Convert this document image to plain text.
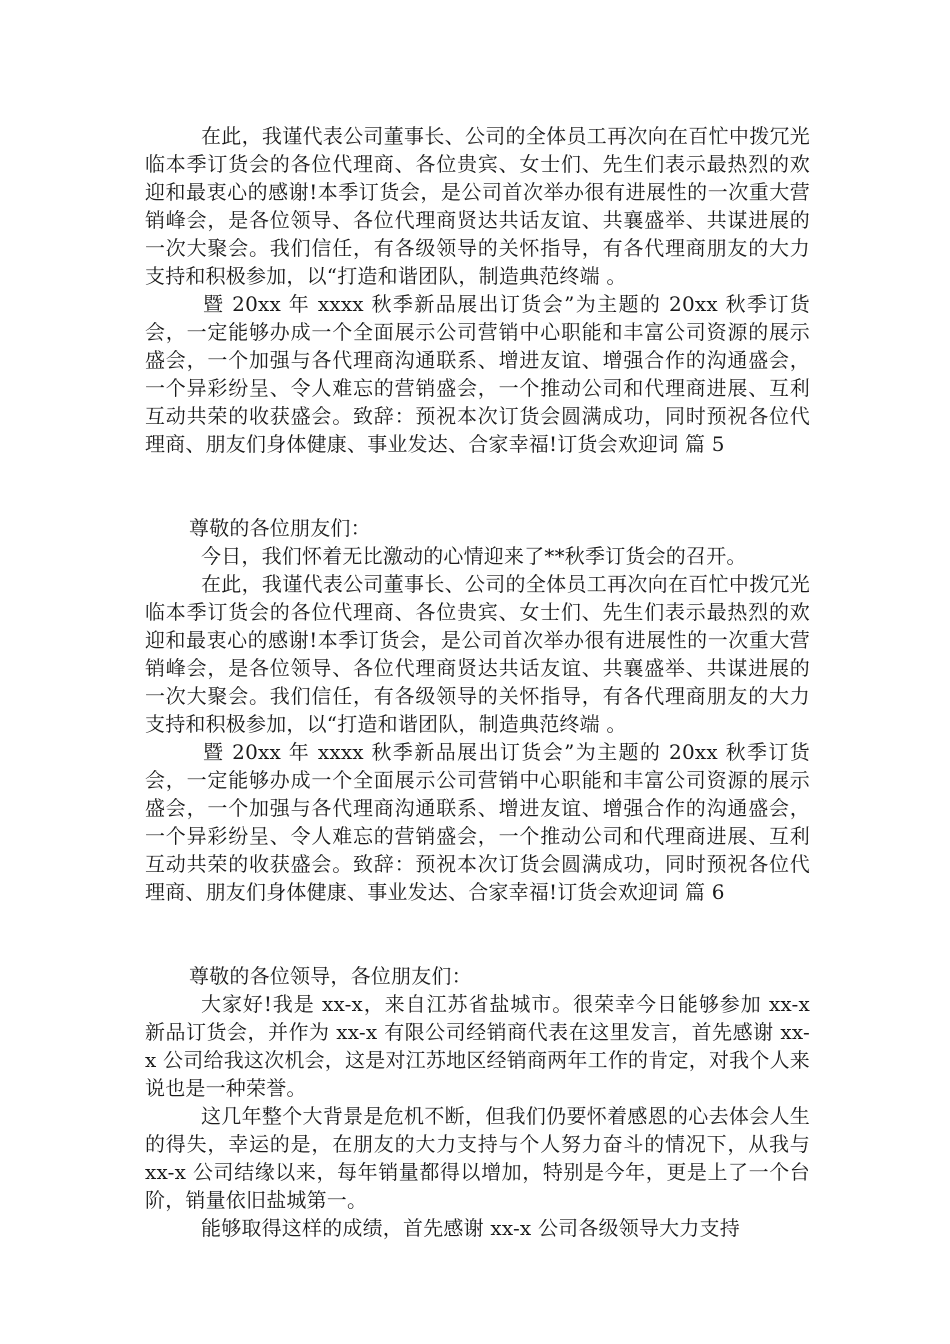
在此，我谨代表公司董事长、公司的全体员工再次向在百忙中拨冗光临本季订货会的各位代理商、各位贵宾、女士们、先生们表示最热烈的欢迎和最衷心的感谢!本季订货会，是公司首次举办很有进展性的一次重大营销峰会，是各位领导、各位代理商贤达共话友谊、共襄盛举、共谋进展的一次大聚会。我们信任，有各级领导的关怀指导，有各代理商朋友的大力支持和积极参加，以“打造和谐团队，制造典范终端 。

暨 20xx 年 xxxx 秋季新品展出订货会”为主题的 20xx 秋季订货会，一定能够办成一个全面展示公司营销中心职能和丰富公司资源的展示盛会，一个加强与各代理商沟通联系、增进友谊、增强合作的沟通盛会，一个异彩纷呈、令人难忘的营销盛会，一个推动公司和代理商进展、互利互动共荣的收获盛会。致辞：预祝本次订货会圆满成功，同时预祝各位代理商、朋友们身体健康、事业发达、合家幸福!订货会欢迎词 篇 5

尊敬的各位朋友们：

今日，我们怀着无比激动的心情迎来了**秋季订货会的召开。

在此，我谨代表公司董事长、公司的全体员工再次向在百忙中拨冗光临本季订货会的各位代理商、各位贵宾、女士们、先生们表示最热烈的欢迎和最衷心的感谢!本季订货会，是公司首次举办很有进展性的一次重大营销峰会，是各位领导、各位代理商贤达共话友谊、共襄盛举、共谋进展的一次大聚会。我们信任，有各级领导的关怀指导，有各代理商朋友的大力支持和积极参加，以“打造和谐团队，制造典范终端 。

暨 20xx 年 xxxx 秋季新品展出订货会”为主题的 20xx 秋季订货会，一定能够办成一个全面展示公司营销中心职能和丰富公司资源的展示盛会，一个加强与各代理商沟通联系、增进友谊、增强合作的沟通盛会，一个异彩纷呈、令人难忘的营销盛会，一个推动公司和代理商进展、互利互动共荣的收获盛会。致辞：预祝本次订货会圆满成功，同时预祝各位代理商、朋友们身体健康、事业发达、合家幸福!订货会欢迎词 篇 6

尊敬的各位领导，各位朋友们：

大家好!我是 xx-x，来自江苏省盐城市。很荣幸今日能够参加 xx-x 新品订货会，并作为 xx-x 有限公司经销商代表在这里发言，首先感谢 xx-x 公司给我这次机会，这是对江苏地区经销商两年工作的肯定，对我个人来说也是一种荣誉。

这几年整个大背景是危机不断，但我们仍要怀着感恩的心去体会人生的得失，幸运的是，在朋友的大力支持与个人努力奋斗的情况下，从我与 xx-x 公司结缘以来，每年销量都得以增加，特别是今年，更是上了一个台阶，销量依旧盐城第一。

能够取得这样的成绩，首先感谢 xx-x 公司各级领导大力支持
